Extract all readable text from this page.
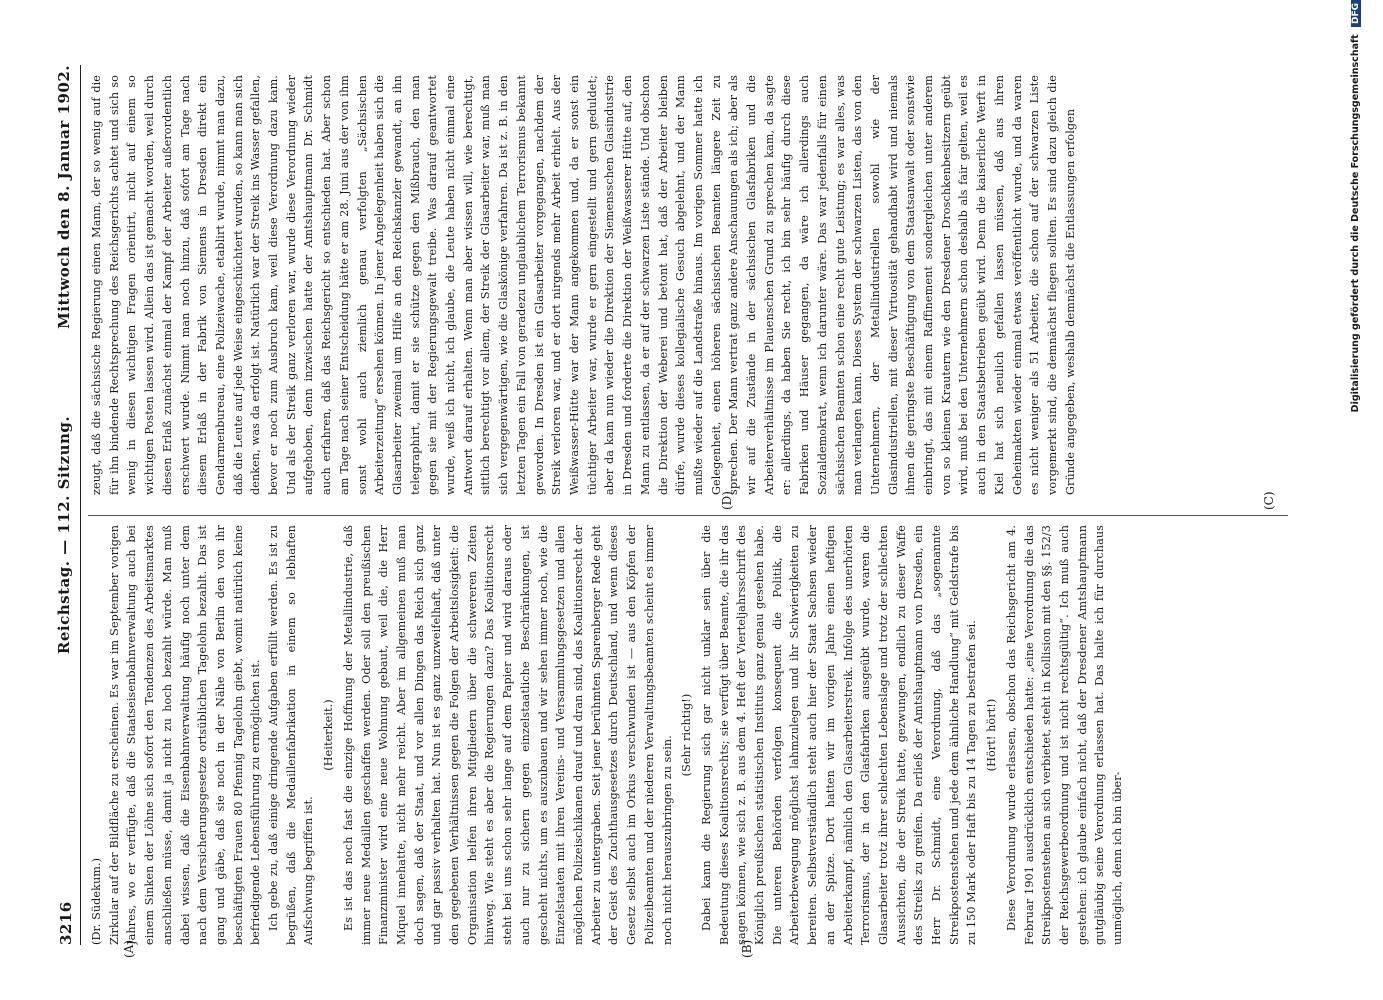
3216
Reichstag. — 112. Sitzung.
Mittwoch den 8. Januar 1902.
(A)	(B)
(C)
(D)

(Dr. Südekum.) Zirkular auf der Bildfläche zu erscheinen. Es war im September vorigen Jahres, wo er verfügte, daß die Staatseisenbahnverwaltung auch bei einem Sinken der Löhne sich sofort den Tendenzen des Arbeitsmarktes anschließen müsse, damit ja nicht zu hoch bezahlt würde. Man muß dabei wissen, daß die Eisenbahnverwaltung häufig noch unter dem nach dem Versicherungsgesetze ortsüblichen Tagelohn bezahlt. Das ist gang und gäbe, daß sie noch in der Nähe von Berlin den von ihr beschäftigten Frauen 80 Pfennig Tagelohn giebt, womit natürlich keine befriedigende Lebensführung zu ermöglichen ist. Ich gebe zu, daß einige dringende Aufgaben erfüllt werden. Es ist zu begrüßen, daß die Medaillenfabrikation in einem so lebhaften Aufschwung begriffen ist.

(Heiterkeit.) Es ist das noch fast die einzige Hoffnung der Metallindustrie, daß immer neue Medaillen geschaffen werden. Oder soll den preußischen Finanzminister wird eine neue Wohnung gebaut, weil die, die Herr Miquel innehatte, nicht mehr reicht. Aber im allgemeinen muß man doch sagen, daß der Staat, und vor allen Dingen das Reich sich ganz und gar passiv verhalten hat. Nun ist es ganz unzweifelhaft, daß unter den gegebenen Verhältnissen gegen die Folgen der Arbeitslosigkeit: die Organisation helfen ihren Mitgliedern über die schwereren Zeiten hinweg. Wie steht es aber die Regierungen dazu? Das Koalitionsrecht steht bei uns schon sehr lange auf dem Papier und wird daraus oder auch nur zu sichern gegen einzelstaatliche Beschränkungen, ist gescheht nichts, um es auszubauen und wir sehen immer noch, wie die Einzelstaaten mit ihren Vereins- und Versammlungsgesetzen und allen möglichen Polizeischikanen drauf und dran sind, das Koalitionsrecht der Arbeiter zu untergraben. Seit jener berühmten Sparenberger Rede geht der Geist des Zuchthausgesetzes durch Deutschland, und wenn dieses Gesetz selbst auch im Orkus verschwunden ist — aus den Köpfen der Polizeibeamten und der niederen Verwaltungsbeamten scheint es immer noch nicht herauszubringen zu sein.

(Sehr richtig!) Dabei kann die Regierung sich gar nicht unklar sein über die Bedeutung dieses Koalitionsrechts; sie verfügt über Beamte, die ihr das sagen können, wie sich z. B. aus dem 4. Heft der Vierteljahrsschrift des Königlich preußischen statistischen Instituts ganz genau gesehen habe. Die unteren Behörden verfolgen konsequent die Politik, die Arbeiterbewegung möglichst lahmzulegen und ihr Schwierigkeiten zu bereiten. Selbstverständlich steht auch hier der Staat Sachsen wieder an der Spitze. Dort hatten wir im vorigen Jahre einen heftigen Arbeiterkampf, nämlich den Glasarbeiterstreik. Infolge des unerhörten Terrorismus, der in den Glasfabriken ausgeübt wurde, waren die Glasarbeiter trotz ihrer schlechten Lebenslage und trotz der schlechten Aussichten, die der Streik hatte, gezwungen, endlich zu dieser Waffe des Streiks zu greifen. Da erließ der Amtshauptmann von Dresden, ein Herr Dr. Schmidt, eine Verordnung, daß das „sogenannte Streikpostenstehen und jede dem ähnliche Handlung“ mit Geldstrafe bis zu 150 Mark oder Haft bis zu 14 Tagen zu bestrafen sei. (Hört! hört!) Diese Verordnung wurde erlassen, obschon das Reichsgericht am 4. Februar 1901 ausdrücklich entschieden hatte: „eine Verordnung die das Streikpostenstehen an sich verbietet, steht in Kollision mit den §§. 152/3 der Reichsgewerbeordnung und ist nicht rechtsgültig“. Ich muß auch gestehen: ich glaube einfach nicht, daß der Dresdener Amtshauptmann gutgläubig seine Verordnung erlassen hat. Das halte ich für durchaus unmöglich, denn ich bin über-

zeugt, daß die sächsische Regierung einen Mann, der so wenig auf die für ihn bindende Rechtsprechung des Reichsgerichts achtet und sich so wenig in diesen wichtigen Fragen orientirt, nicht auf einem so wichtigen Posten lassen wird. Allein das ist gemacht worden, weil durch diesen Erlaß zunächst einmal der Kampf der Arbeiter außerordentlich erschwert wurde. Nimmt man noch hinzu, daß sofort am Tage nach diesem Erlaß in der Fabrik von Siemens in Dresden direkt ein Gendarmenbureau, eine Polizeiwache, etablirt wurde, nimmt man dazu, daß die Leute auf jede Weise eingeschüchtert wurden, so kann man sich denken, was da erfolgt ist. Natürlich war der Streik ins Wasser gefallen, bevor er noch zum Ausbruch kam, weil diese Verordnung dazu kam. Und als der Streik ganz verloren war, wurde diese Verordnung wieder aufgehoben, denn inzwischen hatte der Amtshauptmann Dr. Schmidt auch erfahren, daß das Reichsgericht so entschieden hat. Aber schon am Tage nach seiner Entscheidung hätte er am 28. Juni aus der von ihm sonst wohl auch ziemlich genau verfolgten „Sächsischen Arbeiterzeitung“ ersehen können. In jener Angelegenheit haben sich die Glasarbeiter zweimal um Hilfe an den Reichskanzler gewandt, an ihn telegraphirt, damit er sie schütze gegen den Mißbrauch, den man gegen sie mit der Regierungsgewalt treibe. Was darauf geantwortet wurde, weiß ich nicht, ich glaube, die Leute haben nicht einmal eine Antwort darauf erhalten. Wenn man aber wissen will, wie berechtigt, sittlich berechtigt vor allem, der Streik der Glasarbeiter war, muß man sich vergegenwärtigen, wie die Glaskönige verfahren. Da ist z. B. in den letzten Tagen ein Fall von geradezu unglaublichem Terrorismus bekannt geworden. In Dresden ist ein Glasarbeiter vorgegangen, nachdem der Streik verloren war, und er dort nirgends mehr Arbeit erhielt. Aus der Weißwasser-Hütte war der Mann angekommen und, da er sonst ein tüchtiger Arbeiter war, wurde er gern eingestellt und gern geduldet; aber da kam nun wieder die Direktion der Siemensschen Glasindustrie in Dresden und forderte die Direktion der Weißwasserer Hütte auf, den Mann zu entlassen, da er auf der schwarzen Liste stände. Und obschon die Direktion der Weberei und betont hat, daß der Arbeiter bleiben dürfe, wurde dieses kollegialische Gesuch abgelehnt, und der Mann mußte wieder auf die Landstraße hinaus. Im vorigen Sommer hatte ich Gelegenheit, einen höheren sächsischen Beamten längere Zeit zu sprechen. Der Mann vertrat ganz andere Anschauungen als ich; aber als wir auf die Zustände in der sächsischen Glasfabriken und die Arbeiterverhältnisse im Plauenschen Grund zu sprechen kam, da sagte er: allerdings, da haben Sie recht, ich bin sehr häufig durch diese Fabriken und Häuser gegangen, da wäre ich allerdings auch Sozialdemokrat, wenn ich darunter wäre. Das war jedenfalls für einen sächsischen Beamten schon eine recht gute Leistung; es war alles, was man verlangen kann. Dieses System der schwarzen Listen, das von den Unternehmern, der Metallindustriellen sowohl wie der Glasindustriellen, mit dieser Virtuosität gehandhabt wird und niemals ihnen die geringste Beschäftigung von dem Staatsanwalt oder sonstwie einbringt, das mit einem Raffinement sondergleichen unter anderem von so kleinen Krautern wie den Dresdener Droschkenbesitzern geübt wird, muß bei den Unternehmern schon deshalb als fair gelten, weil es auch in den Staatsbetrieben geübt wird. Denn die kaiserliche Werft in Kiel hat sich neulich gefallen lassen müssen, daß aus ihren Geheimakten wieder einmal etwas veröffentlicht wurde, und da waren es nicht weniger als 51 Arbeiter, die schon auf der schwarzen Liste vorgemerkt sind, die demnächst fliegen sollten. Es sind dazu gleich die Gründe angegeben, weshalb demnächst die Entlassungen erfolgen	Digitalisierung gefördert durch die Deutsche Forschungsgemeinschaft DFG
